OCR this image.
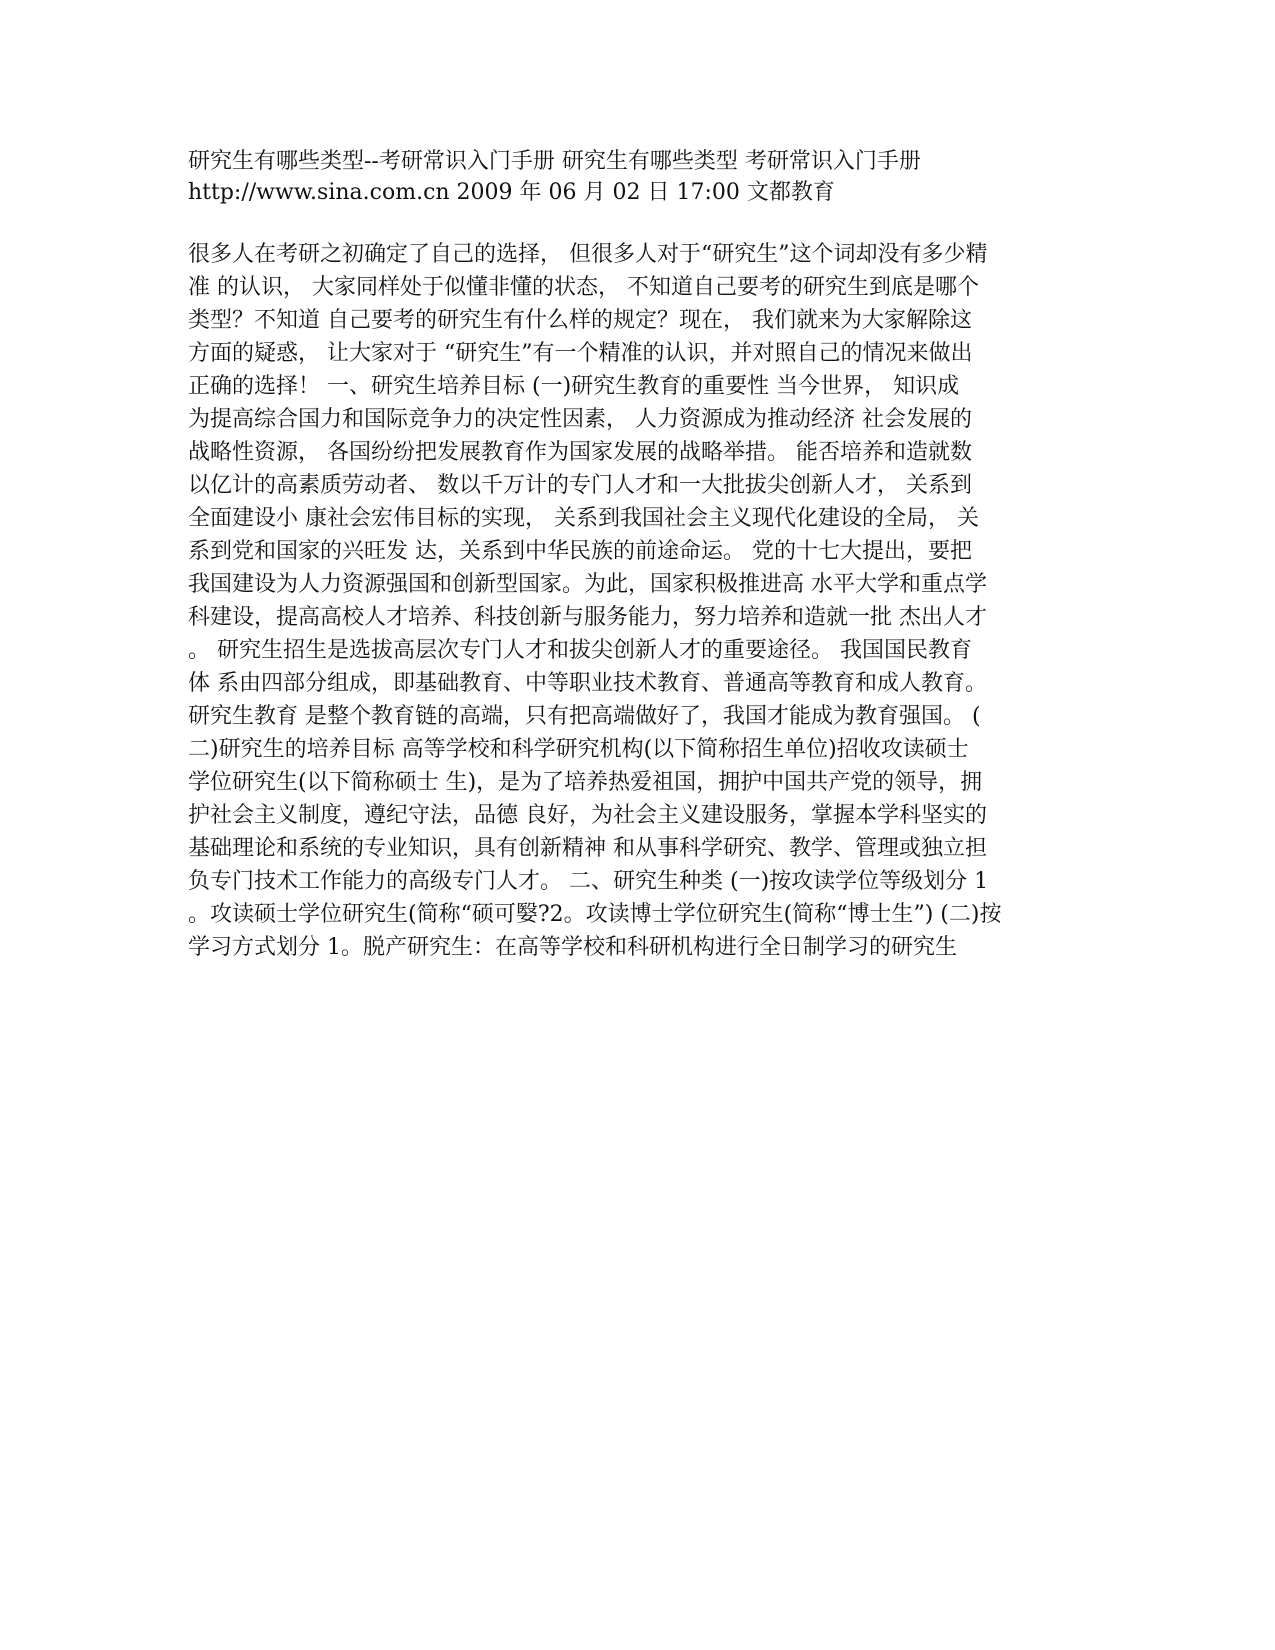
研究生有哪些类型--考研常识入门手册 研究生有哪些类型 考研常识入门手册

http://www.sina.com.cn 2009 年 06 月 02 日 17:00 文都教育

很多人在考研之初确定了自己的选择， 但很多人对于“研究生”这个词却没有多少精

准 的认识， 大家同样处于似懂非懂的状态， 不知道自己要考的研究生到底是哪个

类型？不知道 自己要考的研究生有什么样的规定？现在， 我们就来为大家解除这

方面的疑惑， 让大家对于 “研究生”有一个精准的认识，并对照自己的情况来做出

正确的选择！ 一、研究生培养目标 (一)研究生教育的重要性 当今世界， 知识成

为提高综合国力和国际竞争力的决定性因素， 人力资源成为推动经济 社会发展的

战略性资源， 各国纷纷把发展教育作为国家发展的战略举措。 能否培养和造就数

以亿计的高素质劳动者、 数以千万计的专门人才和一大批拔尖创新人才， 关系到

全面建设小 康社会宏伟目标的实现， 关系到我国社会主义现代化建设的全局， 关

系到党和国家的兴旺发 达，关系到中华民族的前途命运。 党的十七大提出，要把

我国建设为人力资源强国和创新型国家。为此，国家积极推进高 水平大学和重点学

科建设，提高高校人才培养、科技创新与服务能力，努力培养和造就一批 杰出人才

。 研究生招生是选拔高层次专门人才和拔尖创新人才的重要途径。 我国国民教育

体 系由四部分组成，即基础教育、中等职业技术教育、普通高等教育和成人教育。

研究生教育 是整个教育链的高端，只有把高端做好了，我国才能成为教育强国。 (

二)研究生的培养目标 高等学校和科学研究机构(以下简称招生单位)招收攻读硕士

学位研究生(以下简称硕士 生)，是为了培养热爱祖国，拥护中国共产党的领导，拥

护社会主义制度，遵纪守法，品德 良好，为社会主义建设服务，掌握本学科坚实的

基础理论和系统的专业知识，具有创新精神 和从事科学研究、教学、管理或独立担

负专门技术工作能力的高级专门人才。 二、研究生种类 (一)按攻读学位等级划分 1

。攻读硕士学位研究生(简称“硕可嫛?2。攻读博士学位研究生(简称“博士生”) (二)按

学习方式划分 1。脱产研究生：在高等学校和科研机构进行全日制学习的研究生
